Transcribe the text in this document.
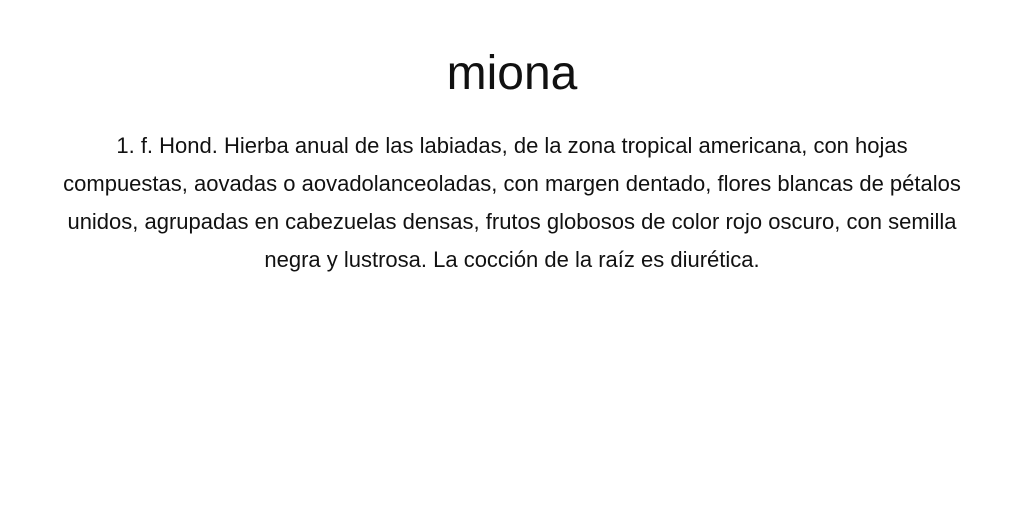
miona

1. f. Hond. Hierba anual de las labiadas, de la zona tropical americana, con hojas compuestas, aovadas o aovadolanceoladas, con margen dentado, flores blancas de pétalos unidos, agrupadas en cabezuelas densas, frutos globosos de color rojo oscuro, con semilla negra y lustrosa. La cocción de la raíz es diurética.
